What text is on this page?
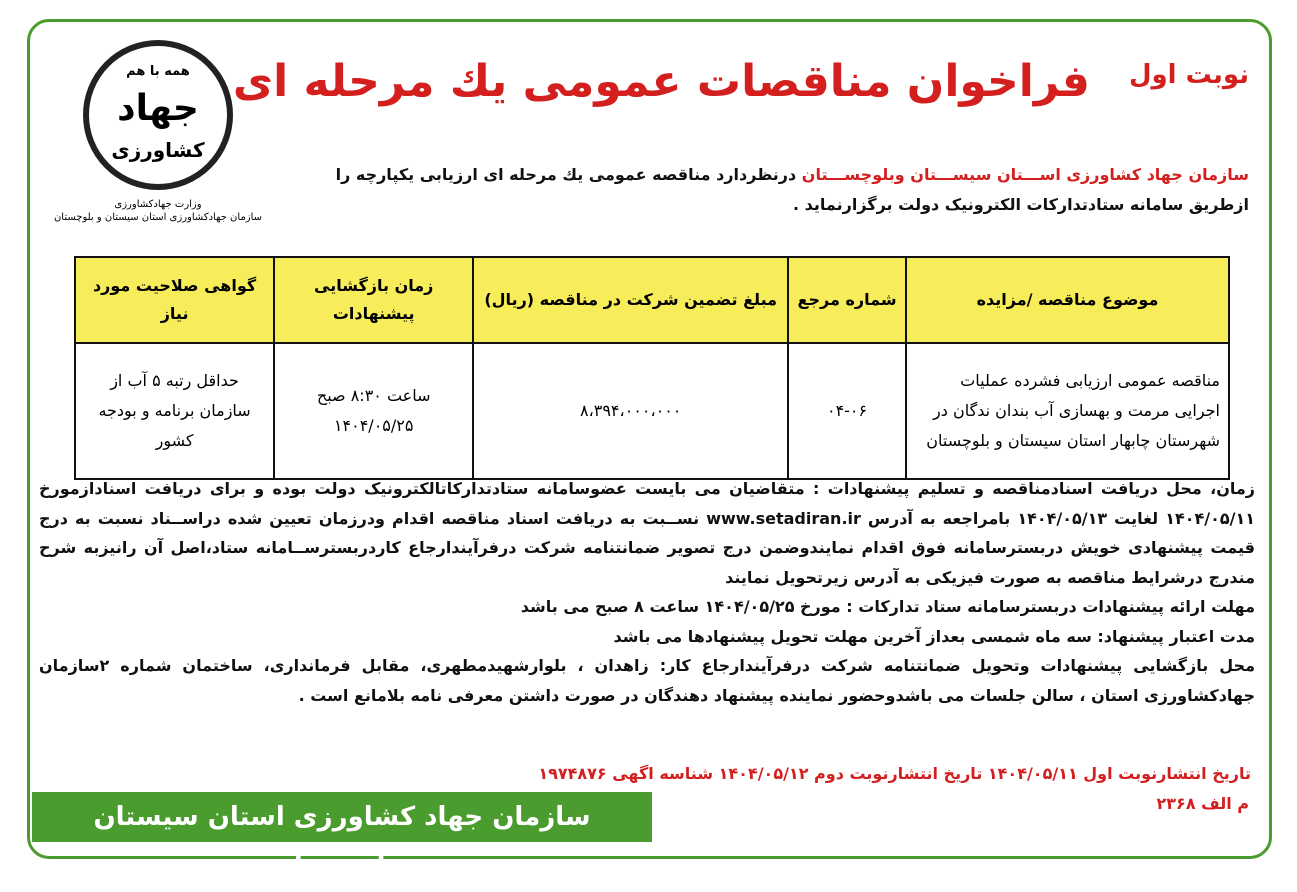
نوبت اول
فراخوان مناقصات عمومی يك مرحله ای
همه با هم
جهاد
کشاورزی
وزارت جهادکشاورزی
سازمان جهادکشاورزی استان سیستان و بلوچستان
سازمان جهاد کشاورزی اســـتان سیســـتان وبلوچســـتان درنظردارد مناقصه عمومی يك مرحله ای ارزیابی یکپارچه را ازطریق سامانه ستادتداركات الكترونیک دولت برگزارنماید .
موضوع مناقصه /مزایده	شماره مرجع	مبلغ تضمین شرکت در مناقصه (ریال)	زمان بازگشایی پیشنهادات	گواهی صلاحیت مورد نیاز
مناقصه عمومی ارزیابی فشرده عملیات اجرایی مرمت و بهسازی آب بندان ندگان در شهرستان چابهار استان سیستان و بلوچستان	۰۴-۰۶	۸،۳۹۴،۰۰۰،۰۰۰	ساعت ۸:۳۰ صبح ۱۴۰۴/۰۵/۲۵	حداقل رتبه ۵ آب از سازمان برنامه و بودجه کشور

زمان، محل دریافت اسنادمناقصه و تسلیم پیشنهادات : متقاضیان می بایست عضوسامانه ستادتداركاتالكترونیک دولت بوده و برای دریافت اسنادازمورخ ۱۴۰۴/۰۵/۱۱ لغایت ۱۴۰۴/۰۵/۱۳ بامراجعه به آدرس www.setadiran.ir نســبت به دریافت اسناد مناقصه اقدام ودرزمان تعیین شده دراســناد نسبت به درج قیمت پیشنهادی خویش دربسترسامانه فوق اقدام نمایندوضمن درج تصویر ضمانتنامه شركت درفرآیندارجاع كاردربسترســامانه ستاد،اصل آن رانیزبه شرح مندرج درشرایط مناقصه به صورت فیزیکی به آدرس زیرتحویل نمایند

مهلت ارائه پیشنهادات دربسترسامانه ستاد تداركات : مورخ ۱۴۰۴/۰۵/۲۵ ساعت ۸ صبح می باشد

مدت اعتبار پیشنهاد: سه ماه شمسی بعداز آخرین مهلت تحویل پیشنهادها می باشد

محل بازگشایی پیشنهادات وتحویل ضمانتنامه شرکت درفرآیندارجاع کار: زاهدان ، بلوارشهیدمطهری، مقابل فرمانداری، ساختمان شماره ۲سازمان جهادکشاورزی استان ، سالن جلسات می باشدوحضور نماینده پیشنهاد دهندگان در صورت داشتن معرفی نامه بلامانع است .

تاریخ انتشارنوبت اول ۱۴۰۴/۰۵/۱۱ تاریخ انتشارنوبت دوم ۱۴۰۴/۰۵/۱۲ شناسه اگهی ۱۹۷۴۸۷۶
م الف ۲۳۶۸
سازمان جهاد کشاورزی استان سیستان وبلوچستان
